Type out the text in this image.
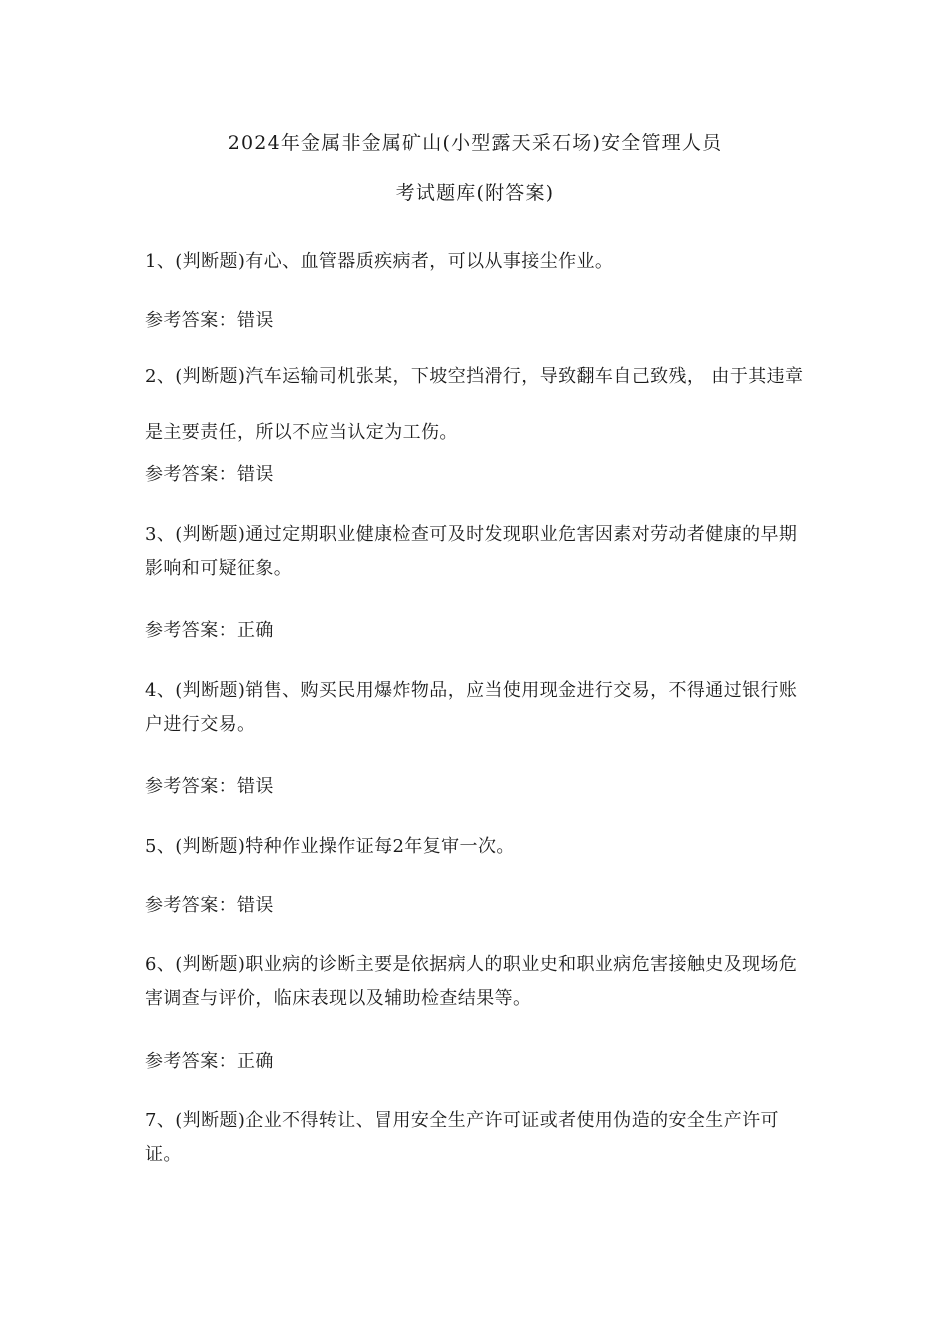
2024年金属非金属矿山(小型露天采石场)安全管理人员
考试题库(附答案)
1、(判断题)有心、血管器质疾病者，可以从事接尘作业。
参考答案：错误
2、(判断题)汽车运输司机张某，下坡空挡滑行，导致翻车自己致残， 由于其违章是主要责任，所以不应当认定为工伤。
参考答案：错误
3、(判断题)通过定期职业健康检查可及时发现职业危害因素对劳动者健康的早期影响和可疑征象。
参考答案：正确
4、(判断题)销售、购买民用爆炸物品，应当使用现金进行交易，不得通过银行账户进行交易。
参考答案：错误
5、(判断题)特种作业操作证每2年复审一次。
参考答案：错误
6、(判断题)职业病的诊断主要是依据病人的职业史和职业病危害接触史及现场危害调查与评价，临床表现以及辅助检查结果等。
参考答案：正确
7、(判断题)企业不得转让、冒用安全生产许可证或者使用伪造的安全生产许可证。
